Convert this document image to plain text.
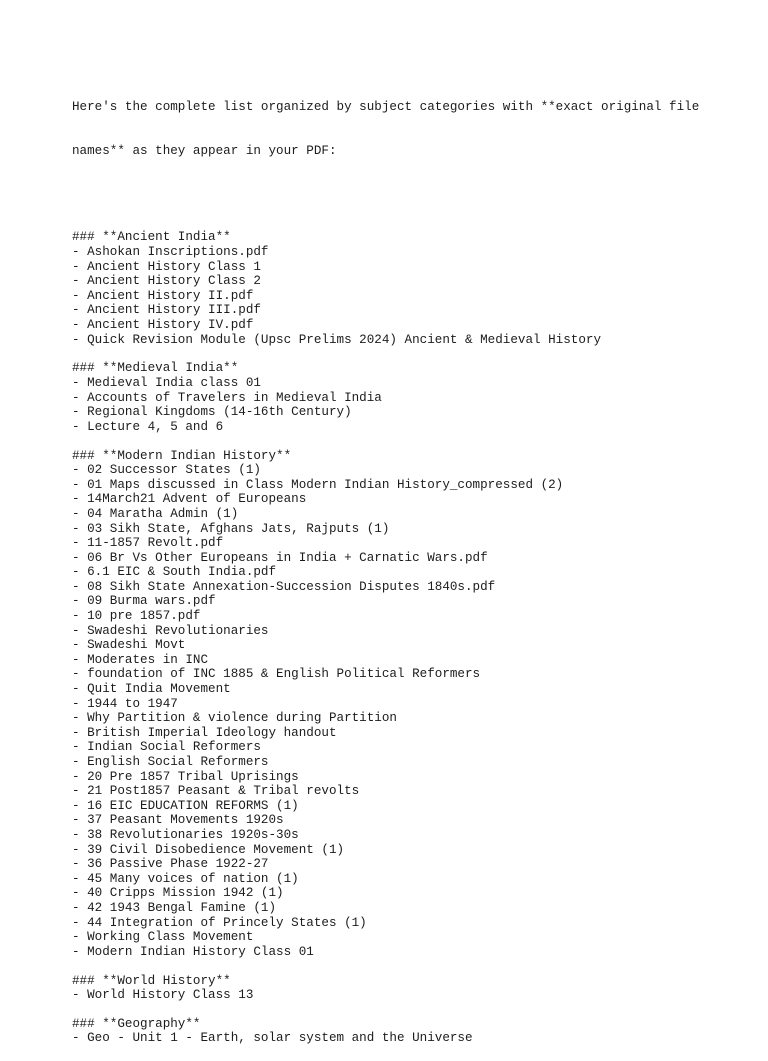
Here's the complete list organized by subject categories with **exact original file

names** as they appear in your PDF:

### **Ancient India**
- Ashokan Inscriptions.pdf
- Ancient History Class 1
- Ancient History Class 2
- Ancient History II.pdf
- Ancient History III.pdf
- Ancient History IV.pdf
- Quick Revision Module (Upsc Prelims 2024) Ancient & Medieval History
### **Medieval India**
- Medieval India class 01
- Accounts of Travelers in Medieval India
- Regional Kingdoms (14-16th Century)
- Lecture 4, 5 and 6
### **Modern Indian History**
- 02 Successor States (1)
- 01 Maps discussed in Class Modern Indian History_compressed (2)
- 14March21 Advent of Europeans
- 04 Maratha Admin (1)
- 03 Sikh State, Afghans Jats, Rajputs (1)
- 11-1857 Revolt.pdf
- 06 Br Vs Other Europeans in India + Carnatic Wars.pdf
- 6.1 EIC & South India.pdf
- 08 Sikh State Annexation-Succession Disputes 1840s.pdf
- 09 Burma wars.pdf
- 10 pre 1857.pdf
- Swadeshi Revolutionaries
- Swadeshi Movt
- Moderates in INC
- foundation of INC 1885 & English Political Reformers
- Quit India Movement
- 1944 to 1947
- Why Partition & violence during Partition
- British Imperial Ideology handout
- Indian Social Reformers
- English Social Reformers
- 20 Pre 1857 Tribal Uprisings
- 21 Post1857 Peasant & Tribal revolts
- 16 EIC EDUCATION REFORMS (1)
- 37 Peasant Movements 1920s
- 38 Revolutionaries 1920s-30s
- 39 Civil Disobedience Movement (1)
- 36 Passive Phase 1922-27
- 45 Many voices of nation (1)
- 40 Cripps Mission 1942 (1)
- 42 1943 Bengal Famine (1)
- 44 Integration of Princely States (1)
- Working Class Movement
- Modern Indian History Class 01
### **World History**
- World History Class 13
### **Geography**
- Geo - Unit 1 - Earth, solar system and the Universe
